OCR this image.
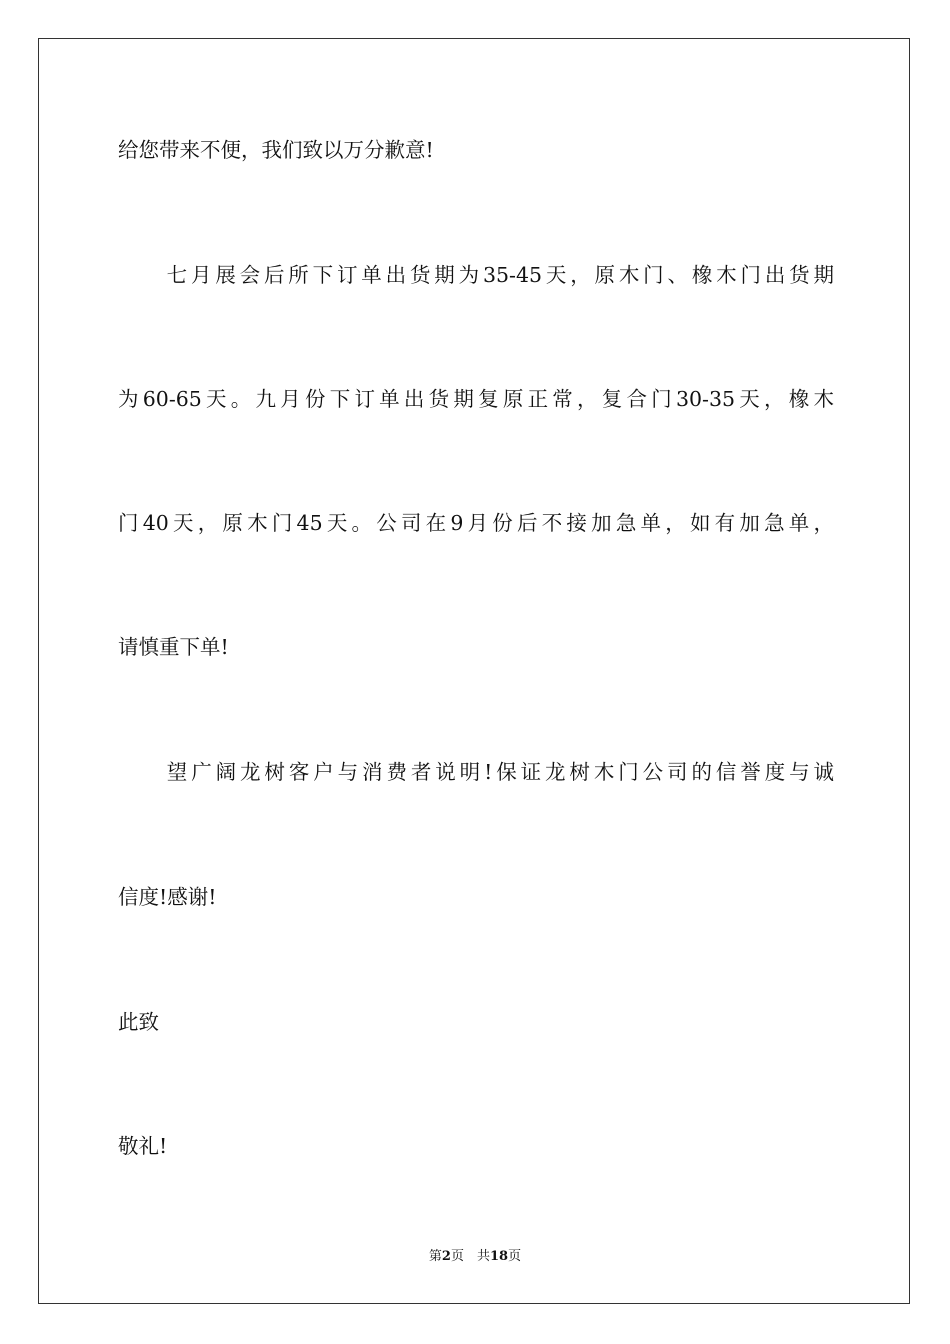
给您带来不便，我们致以万分歉意!
　　七月展会后所下订单出货期为35-45天，原木门、橡木门出货期
为60-65天。九月份下订单出货期复原正常，复合门30-35天，橡木
门40天，原木门45天。公司在9月份后不接加急单，如有加急单，
请慎重下单!
　　望广阔龙树客户与消费者说明!保证龙树木门公司的信誉度与诚
信度!感谢!
此致
敬礼!
第2页　共18页
